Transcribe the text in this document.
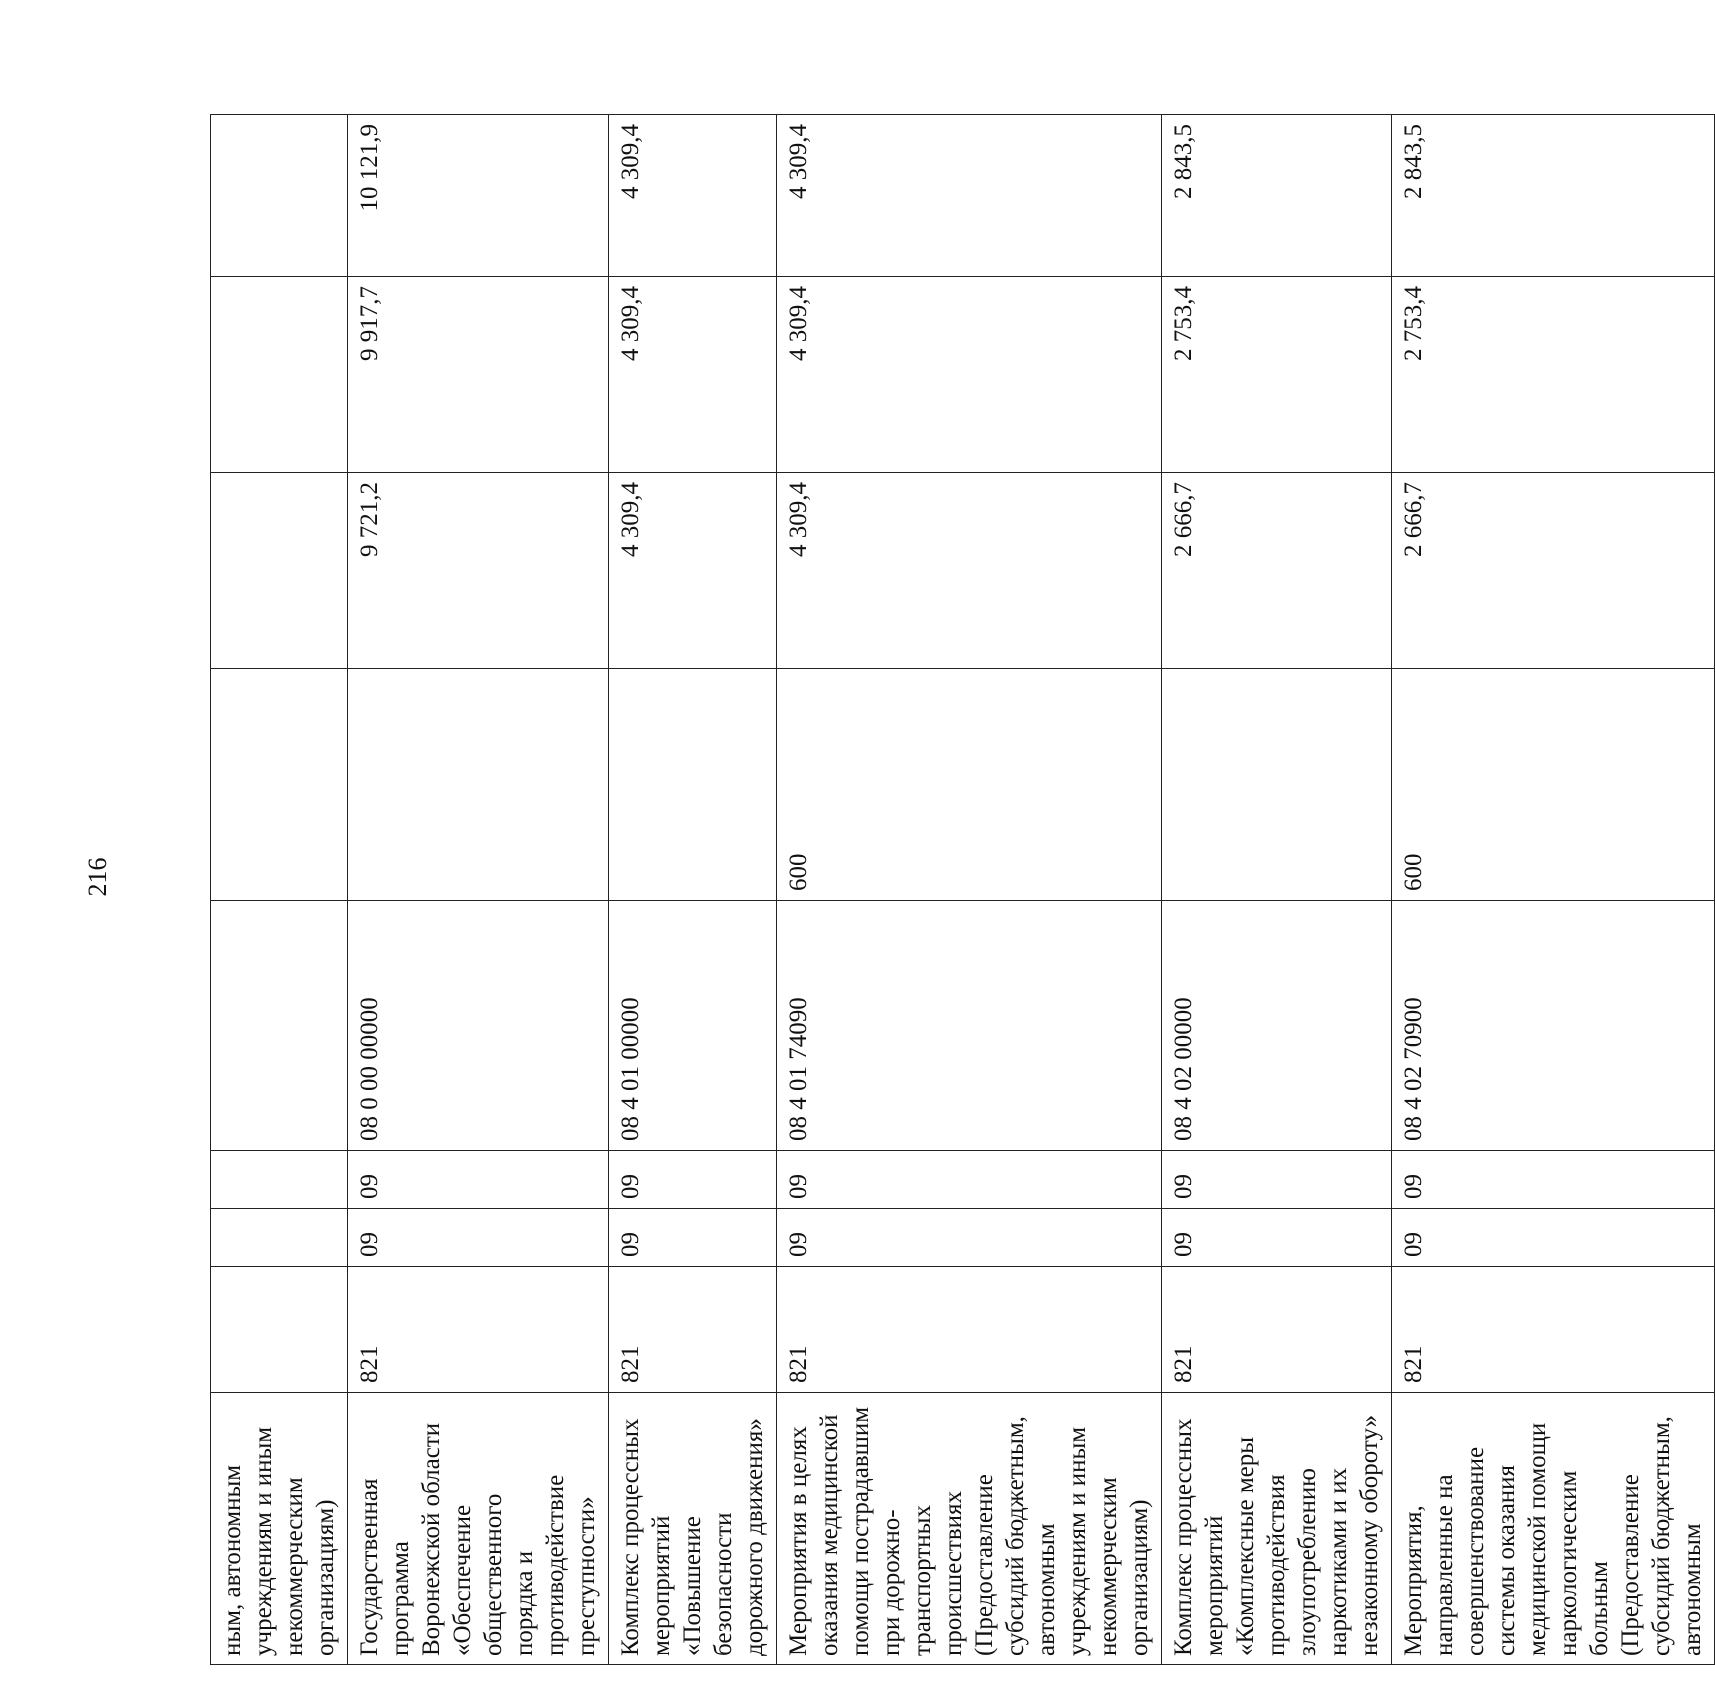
216
ным, автономным учреждениям и иным некоммерческим организациям)								
Государственная программа Воронежской области «Обеспечение общественного порядка и противодействие преступности»	821	09	09	08 0 00 00000		9 721,2	9 917,7	10 121,9
Комплекс процессных мероприятий «Повышение безопасности дорожного движения»	821	09	09	08 4 01 00000		4 309,4	4 309,4	4 309,4
Мероприятия в целях оказания медицинской помощи пострадавшим при дорожно-транспортных происшествиях (Предоставление субсидий бюджетным, автономным учреждениям и иным некоммерческим организациям)	821	09	09	08 4 01 74090	600	4 309,4	4 309,4	4 309,4
Комплекс процессных мероприятий «Комплексные меры противодействия злоупотреблению наркотиками и их незаконному обороту»	821	09	09	08 4 02 00000		2 666,7	2 753,4	2 843,5
Мероприятия, направленные на совершенствование системы оказания медицинской помощи наркологическим больным (Предоставление субсидий бюджетным, автономным	821	09	09	08 4 02 70900	600	2 666,7	2 753,4	2 843,5
